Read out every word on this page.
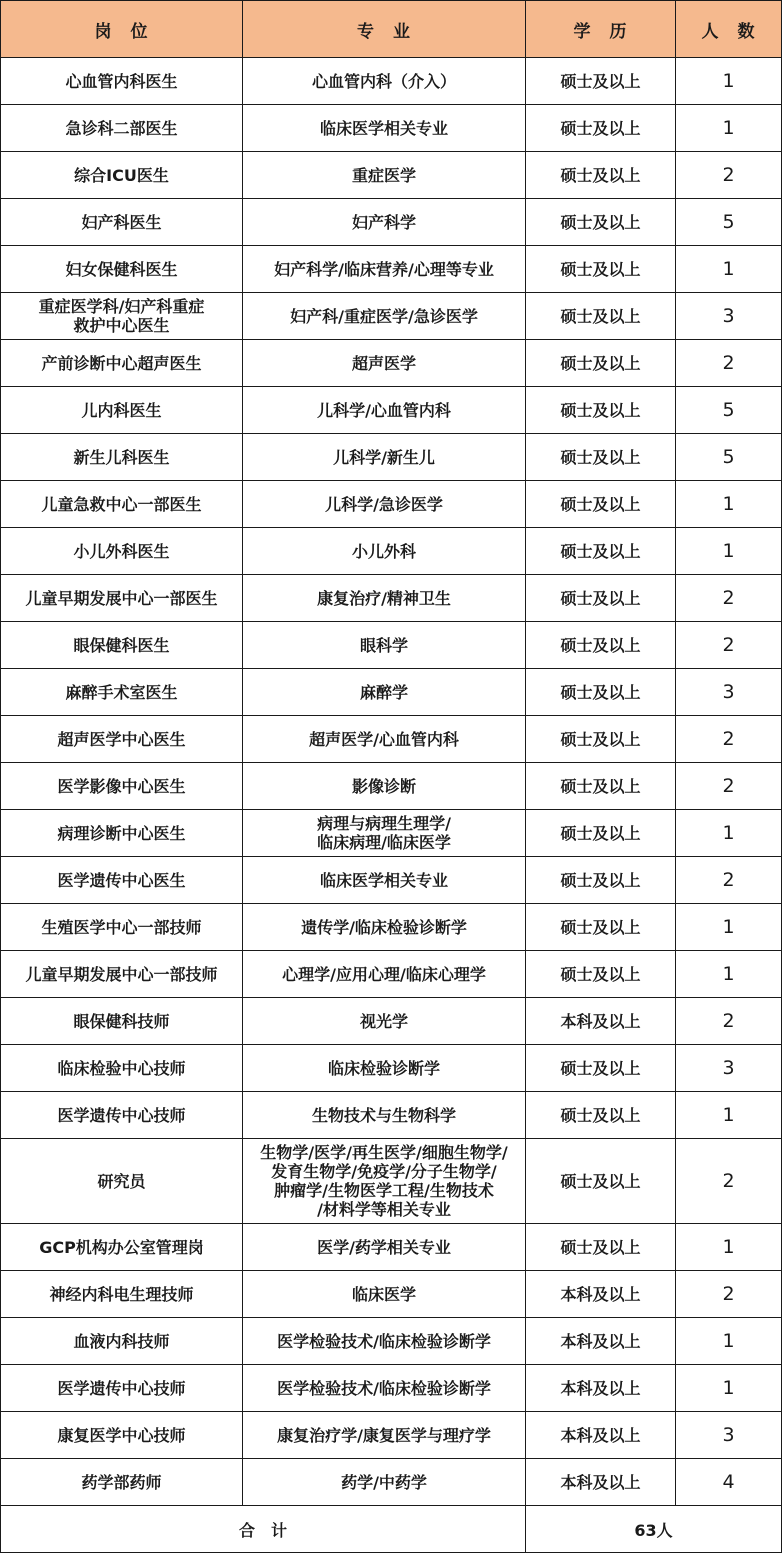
岗　位	专　业	学　历	人　数

心血管内科医生	心血管内科（介入）	硕士及以上	1

急诊科二部医生	临床医学相关专业	硕士及以上	1

综合ICU医生	重症医学	硕士及以上	2

妇产科医生	妇产科学	硕士及以上	5

妇女保健科医生	妇产科学/临床营养/心理等专业	硕士及以上	1

重症医学科/妇产科重症
救护中心医生	妇产科/重症医学/急诊医学	硕士及以上	3

产前诊断中心超声医生	超声医学	硕士及以上	2

儿内科医生	儿科学/心血管内科	硕士及以上	5

新生儿科医生	儿科学/新生儿	硕士及以上	5

儿童急救中心一部医生	儿科学/急诊医学	硕士及以上	1

小儿外科医生	小儿外科	硕士及以上	1

儿童早期发展中心一部医生	康复治疗/精神卫生	硕士及以上	2

眼保健科医生	眼科学	硕士及以上	2

麻醉手术室医生	麻醉学	硕士及以上	3

超声医学中心医生	超声医学/心血管内科	硕士及以上	2

医学影像中心医生	影像诊断	硕士及以上	2

病理诊断中心医生	病理与病理生理学/
临床病理/临床医学	硕士及以上	1

医学遗传中心医生	临床医学相关专业	硕士及以上	2

生殖医学中心一部技师	遗传学/临床检验诊断学	硕士及以上	1

儿童早期发展中心一部技师	心理学/应用心理/临床心理学	硕士及以上	1

眼保健科技师	视光学	本科及以上	2

临床检验中心技师	临床检验诊断学	硕士及以上	3

医学遗传中心技师	生物技术与生物科学	硕士及以上	1

研究员	生物学/医学/再生医学/细胞生物学/
发育生物学/免疫学/分子生物学/
肿瘤学/生物医学工程/生物技术
/材料学等相关专业	硕士及以上	2

GCP机构办公室管理岗	医学/药学相关专业	硕士及以上	1

神经内科电生理技师	临床医学	本科及以上	2

血液内科技师	医学检验技术/临床检验诊断学	本科及以上	1

医学遗传中心技师	医学检验技术/临床检验诊断学	本科及以上	1

康复医学中心技师	康复治疗学/康复医学与理疗学	本科及以上	3

药学部药师	药学/中药学	本科及以上	4
合　计		63人	
